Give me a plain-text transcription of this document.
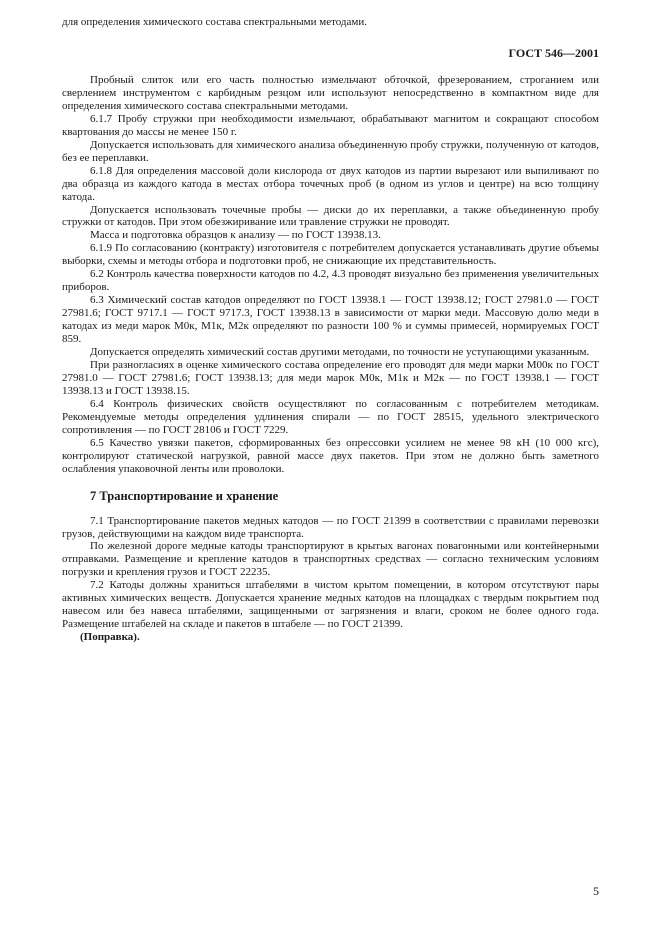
для определения химического состава спектральными методами.
ГОСТ 546—2001

Пробный слиток или его часть полностью измельчают обточкой, фрезерованием, строганием или сверлением инструментом с карбидным резцом или используют непосредственно в компактном виде для определения химического состава спектральными методами.

6.1.7 Пробу стружки при необходимости измельчают, обрабатывают магнитом и сокращают способом квартования до массы не менее 150 г.

Допускается использовать для химического анализа объединенную пробу стружки, полученную от катодов, без ее переплавки.

6.1.8 Для определения массовой доли кислорода от двух катодов из партии вырезают или выпиливают по два образца из каждого катода в местах отбора точечных проб (в одном из углов и центре) на всю толщину катода.

Допускается использовать точечные пробы — диски до их переплавки, а также объединенную пробу стружки от катодов. При этом обезжиривание или травление стружки не проводят.

Масса и подготовка образцов к анализу — по ГОСТ 13938.13.

6.1.9 По согласованию (контракту) изготовителя с потребителем допускается устанавливать другие объемы выборки, схемы и методы отбора и подготовки проб, не снижающие их представительность.

6.2 Контроль качества поверхности катодов по 4.2, 4.3 проводят визуально без применения увеличительных приборов.

6.3 Химический состав катодов определяют по ГОСТ 13938.1 — ГОСТ 13938.12; ГОСТ 27981.0 — ГОСТ 27981.6; ГОСТ 9717.1 — ГОСТ 9717.3, ГОСТ 13938.13 в зависимости от марки меди. Массовую долю меди в катодах из меди марок М0к, М1к, М2к определяют по разности 100 % и суммы примесей, нормируемых ГОСТ 859.

Допускается определять химический состав другими методами, по точности не уступающими указанным.

При разногласиях в оценке химического состава определение его проводят для меди марки М00к по ГОСТ 27981.0 — ГОСТ 27981.6; ГОСТ 13938.13; для меди марок М0к, М1к и М2к — по ГОСТ 13938.1 — ГОСТ 13938.13 и ГОСТ 13938.15.

6.4 Контроль физических свойств осуществляют по согласованным с потребителем методикам. Рекомендуемые методы определения удлинения спирали — по ГОСТ 28515, удельного электрического сопротивления — по ГОСТ 28106 и ГОСТ 7229.

6.5 Качество увязки пакетов, сформированных без опрессовки усилием не менее 98 кН (10 000 кгс), контролируют статической нагрузкой, равной массе двух пакетов. При этом не должно быть заметного ослабления упаковочной ленты или проволоки.

7 Транспортирование и хранение

7.1 Транспортирование пакетов медных катодов — по ГОСТ 21399 в соответствии с правилами перевозки грузов, действующими на каждом виде транспорта.

По железной дороге медные катоды транспортируют в крытых вагонах повагонными или контейнерными отправками. Размещение и крепление катодов в транспортных средствах — согласно техническим условиям погрузки и крепления грузов и ГОСТ 22235.

7.2 Катоды должны храниться штабелями в чистом крытом помещении, в котором отсутствуют пары активных химических веществ. Допускается хранение медных катодов на площадках с твердым покрытием под навесом или без навеса штабелями, защищенными от загрязнения и влаги, сроком не более одного года. Размещение штабелей на складе и пакетов в штабеле — по ГОСТ 21399.

(Поправка).

5
